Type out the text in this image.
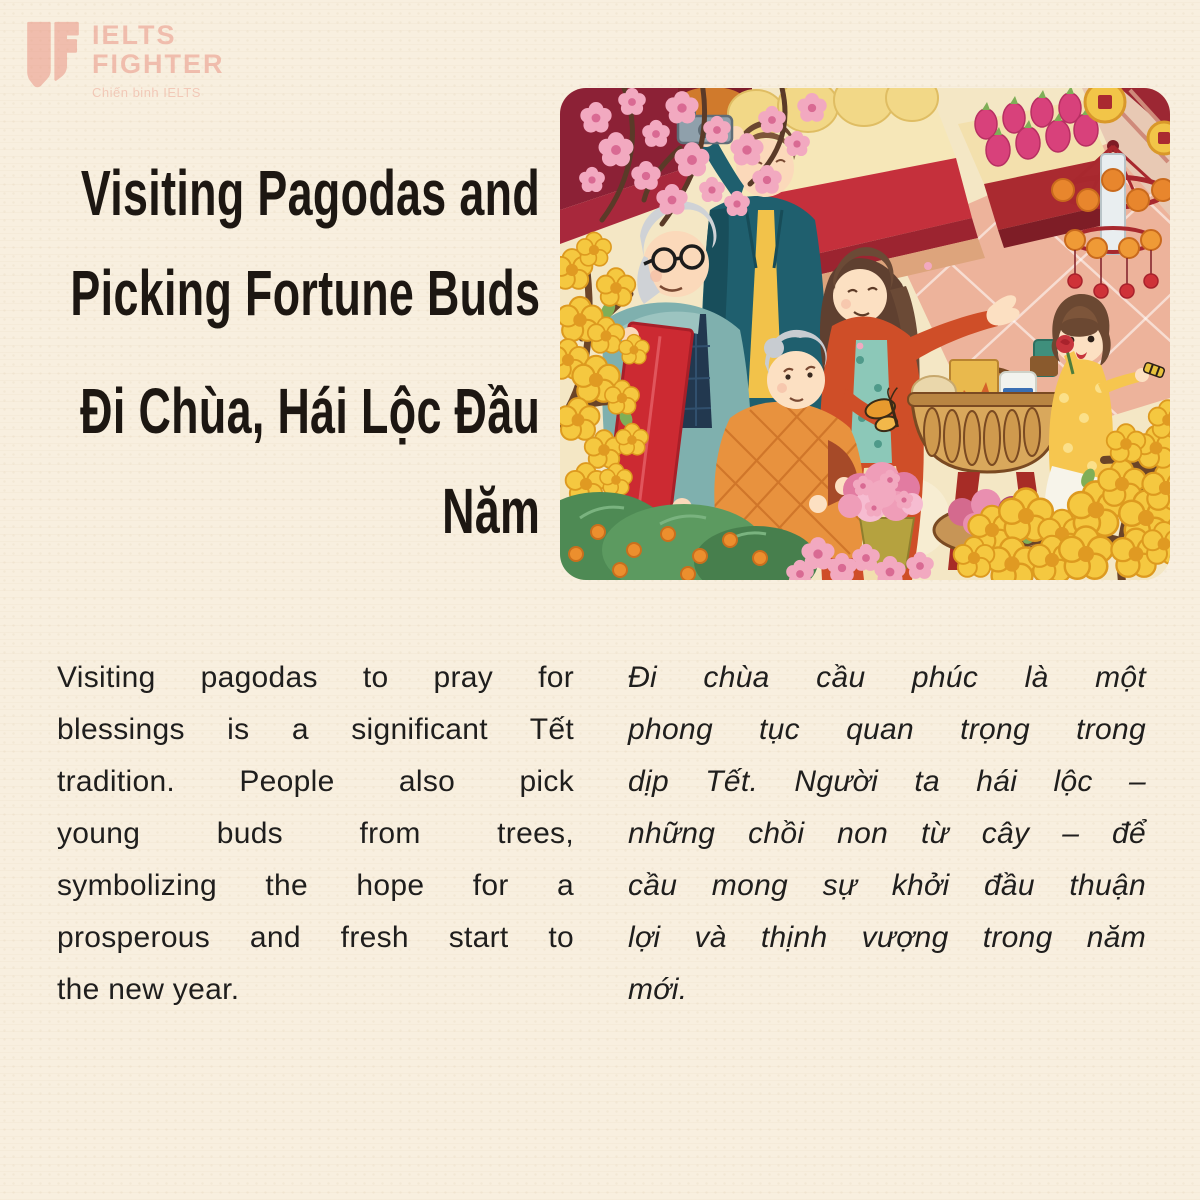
IELTS
FIGHTER
Chiến binh IELTS
Visiting Pagodas and
Picking Fortune Buds
Đi Chùa, Hái Lộc Đầu
Năm
Visiting pagodas to pray for
blessings is a significant Tết
tradition. People also pick
young buds from trees,
symbolizing the hope for a
prosperous and fresh start to
the new year.
Đi chùa cầu phúc là một
phong tục quan trọng trong
dịp Tết. Người ta hái lộc –
những chồi non từ cây – để
cầu mong sự khởi đầu thuận
lợi và thịnh vượng trong năm
mới.
